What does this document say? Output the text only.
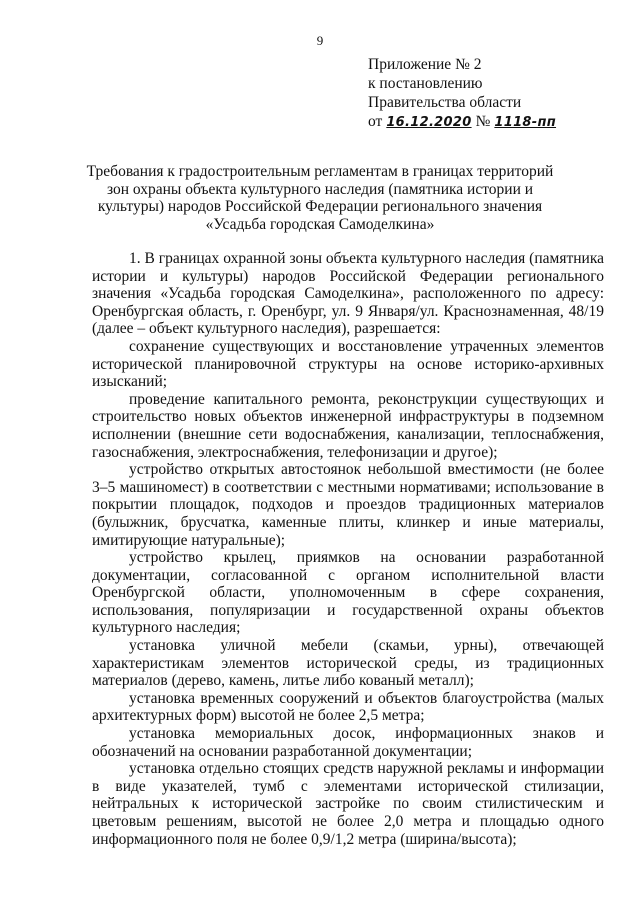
9
Приложение № 2
к постановлению
Правительства области
от 16.12.2020 № 1118-пп
Требования к градостроительным регламентам в границах территорий зон охраны объекта культурного наследия (памятника истории и культуры) народов Российской Федерации регионального значения «Усадьба городская Самоделкина»

1. В границах охранной зоны объекта культурного наследия (памятника истории и культуры) народов Российской Федерации регионального значения «Усадьба городская Самоделкина», расположенного по адресу: Оренбургская область, г. Оренбург, ул. 9 Января/ул. Краснознаменная, 48/19 (далее – объект культурного наследия), разрешается:

сохранение существующих и восстановление утраченных элементов исторической планировочной структуры на основе историко-архивных изысканий;

проведение капитального ремонта, реконструкции существующих и строительство новых объектов инженерной инфраструктуры в подземном исполнении (внешние сети водоснабжения, канализации, теплоснабжения, газоснабжения, электроснабжения, телефонизации и другое);

устройство открытых автостоянок небольшой вместимости (не более 3–5 машиномест) в соответствии с местными нормативами; использование в покрытии площадок, подходов и проездов традиционных материалов (булыжник, брусчатка, каменные плиты, клинкер и иные материалы, имитирующие натуральные);

устройство крылец, приямков на основании разработанной документации, согласованной с органом исполнительной власти Оренбургской области, уполномоченным в сфере сохранения, использования, популяризации и государственной охраны объектов культурного наследия;

установка уличной мебели (скамьи, урны), отвечающей характеристикам элементов исторической среды, из традиционных материалов (дерево, камень, литье либо кованый металл);

установка временных сооружений и объектов благоустройства (малых архитектурных форм) высотой не более 2,5 метра;

установка мемориальных досок, информационных знаков и обозначений на основании разработанной документации;

установка отдельно стоящих средств наружной рекламы и информации в виде указателей, тумб с элементами исторической стилизации, нейтральных к исторической застройке по своим стилистическим и цветовым решениям, высотой не более 2,0 метра и площадью одного информационного поля не более 0,9/1,2 метра (ширина/высота);
